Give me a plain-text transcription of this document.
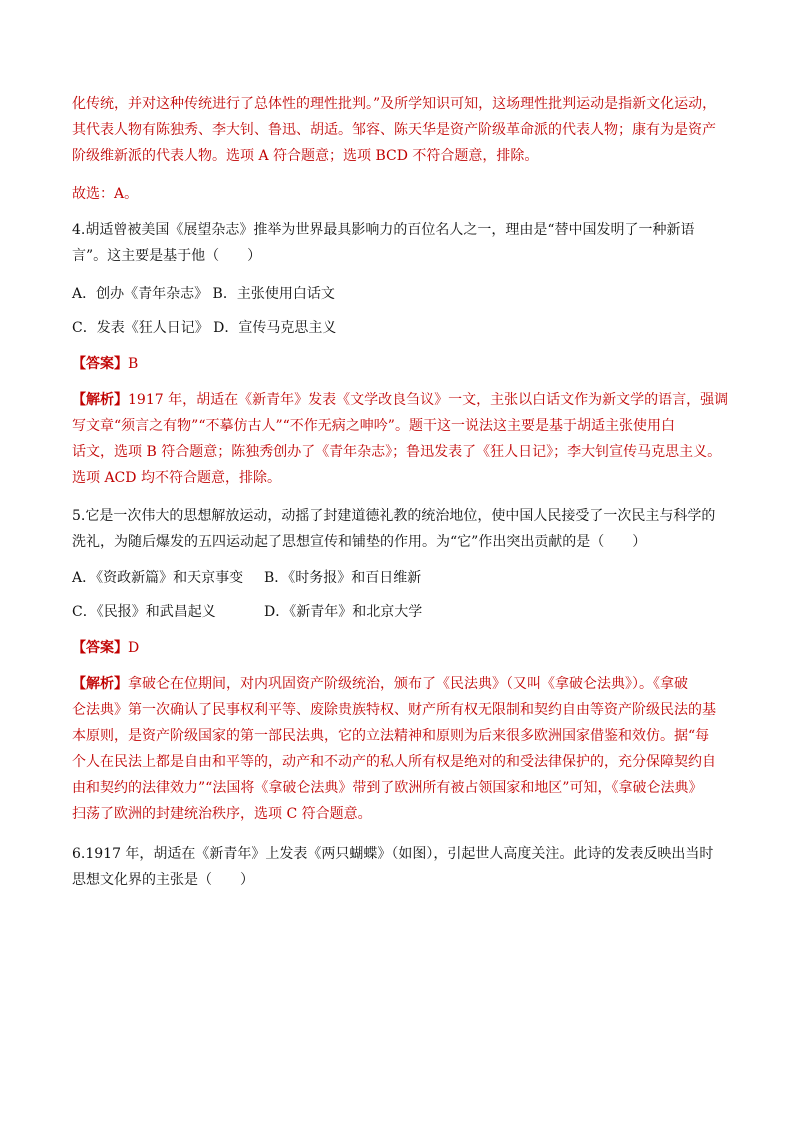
化传统，并对这种传统进行了总体性的理性批判。”及所学知识可知，这场理性批判运动是指新文化运动，
其代表人物有陈独秀、李大钊、鲁迅、胡适。邹容、陈天华是资产阶级革命派的代表人物；康有为是资产
阶级维新派的代表人物。选项 A 符合题意；选项 BCD 不符合题意，排除。
故选：A。
4.胡适曾被美国《展望杂志》推举为世界最具影响力的百位名人之一，理由是“替中国发明了一种新语
言”。这主要是基于他（　　）
A．创办《青年杂志》 B．主张使用白话文
C．发表《狂人日记》 D．宣传马克思主义
【答案】B
【解析】1917 年，胡适在《新青年》发表《文学改良刍议》一文，主张以白话文作为新文学的语言，强调
写文章“须言之有物”“不摹仿古人”“不作无病之呻吟”。题干这一说法这主要是基于胡适主张使用白
话文，选项 B 符合题意；陈独秀创办了《青年杂志》；鲁迅发表了《狂人日记》；李大钊宣传马克思主义。
选项 ACD 均不符合题意，排除。
5.它是一次伟大的思想解放运动，动摇了封建道德礼教的统治地位，使中国人民接受了一次民主与科学的
洗礼，为随后爆发的五四运动起了思想宣传和铺垫的作用。为“它”作出突出贡献的是（　　）
A．《资政新篇》和天京事变 B．《时务报》和百日维新
C．《民报》和武昌起义	D．《新青年》和北京大学
【答案】D
【解析】拿破仑在位期间，对内巩固资产阶级统治，颁布了《民法典》（又叫《拿破仑法典》）。《拿破
仑法典》第一次确认了民事权利平等、废除贵族特权、财产所有权无限制和契约自由等资产阶级民法的基
本原则，是资产阶级国家的第一部民法典，它的立法精神和原则为后来很多欧洲国家借鉴和效仿。据“每
个人在民法上都是自由和平等的，动产和不动产的私人所有权是绝对的和受法律保护的，充分保障契约自
由和契约的法律效力”“法国将《拿破仑法典》带到了欧洲所有被占领国家和地区”可知，《拿破仑法典》
扫荡了欧洲的封建统治秩序，选项 C 符合题意。
6.1917 年，胡适在《新青年》上发表《两只蝴蝶》（如图），引起世人高度关注。此诗的发表反映出当时
思想文化界的主张是（　　）
